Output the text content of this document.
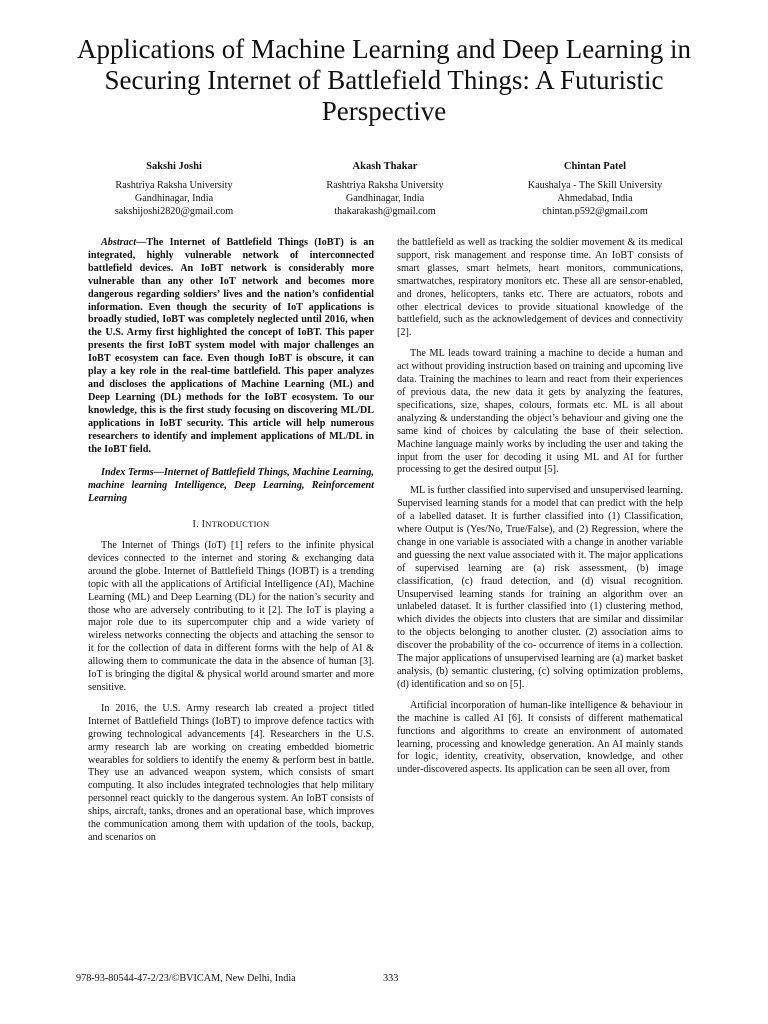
Applications of Machine Learning and Deep Learning in Securing Internet of Battlefield Things: A Futuristic Perspective
Sakshi Joshi
Rashtriya Raksha University
Gandhinagar, India
sakshijoshi2820@gmail.com
Akash Thakar
Rashtriya Raksha University
Gandhinagar, India
thakarakash@gmail.com
Chintan Patel
Kaushalya - The Skill University
Ahmedabad, India
chintan.p592@gmail.com
Abstract—The Internet of Battlefield Things (IoBT) is an integrated, highly vulnerable network of interconnected battlefield devices. An IoBT network is considerably more vulnerable than any other IoT network and becomes more dangerous regarding soldiers’ lives and the nation’s confidential information. Even though the security of IoT applications is broadly studied, IoBT was completely neglected until 2016, when the U.S. Army first highlighted the concept of IoBT. This paper presents the first IoBT system model with major challenges an IoBT ecosystem can face. Even though IoBT is obscure, it can play a key role in the real-time battlefield. This paper analyzes and discloses the applications of Machine Learning (ML) and Deep Learning (DL) methods for the IoBT ecosystem. To our knowledge, this is the first study focusing on discovering ML/DL applications in IoBT security. This article will help numerous researchers to identify and implement applications of ML/DL in the IoBT field.
Index Terms—Internet of Battlefield Things, Machine Learning, machine learning Intelligence, Deep Learning, Reinforcement Learning
I. INTRODUCTION

The Internet of Things (IoT) [1] refers to the infinite physical devices connected to the internet and storing & exchanging data around the globe. Internet of Battlefield Things (IOBT) is a trending topic with all the applications of Artificial Intelligence (AI), Machine Learning (ML) and Deep Learning (DL) for the nation’s security and those who are adversely contributing to it [2]. The IoT is playing a major role due to its supercomputer chip and a wide variety of wireless networks connecting the objects and attaching the sensor to it for the collection of data in different forms with the help of AI & allowing them to communicate the data in the absence of human [3]. IoT is bringing the digital & physical world around smarter and more sensitive.

In 2016, the U.S. Army research lab created a project titled Internet of Battlefield Things (IoBT) to improve defence tactics with growing technological advancements [4]. Researchers in the U.S. army research lab are working on creating embedded biometric wearables for soldiers to identify the enemy & perform best in battle. They use an advanced weapon system, which consists of smart computing. It also includes integrated technologies that help military personnel react quickly to the dangerous system. An IoBT consists of ships, aircraft, tanks, drones and an operational base, which improves the communication among them with updation of the tools, backup, and scenarios on

the battlefield as well as tracking the soldier movement & its medical support, risk management and response time. An IoBT consists of smart glasses, smart helmets, heart monitors, communications, smartwatches, respiratory monitors etc. These all are sensor-enabled, and drones, helicopters, tanks etc. There are actuators, robots and other electrical devices to provide situational knowledge of the battlefield, such as the acknowledgement of devices and connectivity [2].

The ML leads toward training a machine to decide a human and act without providing instruction based on training and upcoming live data. Training the machines to learn and react from their experiences of previous data, the new data it gets by analyzing the features, specifications, size, shapes, colours, formats etc. ML is all about analyzing & understanding the object’s behaviour and giving one the same kind of choices by calculating the base of their selection. Machine language mainly works by including the user and taking the input from the user for decoding it using ML and AI for further processing to get the desired output [5].

ML is further classified into supervised and unsupervised learning. Supervised learning stands for a model that can predict with the help of a labelled dataset. It is further classified into (1) Classification, where Output is (Yes/No, True/False), and (2) Regression, where the change in one variable is associated with a change in another variable and guessing the next value associated with it. The major applications of supervised learning are (a) risk assessment, (b) image classification, (c) fraud detection, and (d) visual recognition. Unsupervised learning stands for training an algorithm over an unlabeled dataset. It is further classified into (1) clustering method, which divides the objects into clusters that are similar and dissimilar to the objects belonging to another cluster. (2) association aims to discover the probability of the co- occurrence of items in a collection. The major applications of unsupervised learning are (a) market basket analysis, (b) semantic clustering, (c) solving optimization problems, (d) identification and so on [5].

Artificial incorporation of human-like intelligence & behaviour in the machine is called AI [6]. It consists of different mathematical functions and algorithms to create an environment of automated learning, processing and knowledge generation. An AI mainly stands for logic, identity, creativity, observation, knowledge, and other under-discovered aspects. Its application can be seen all over, from

978-93-80544-47-2/23/©BVICAM, New Delhi, India	333
